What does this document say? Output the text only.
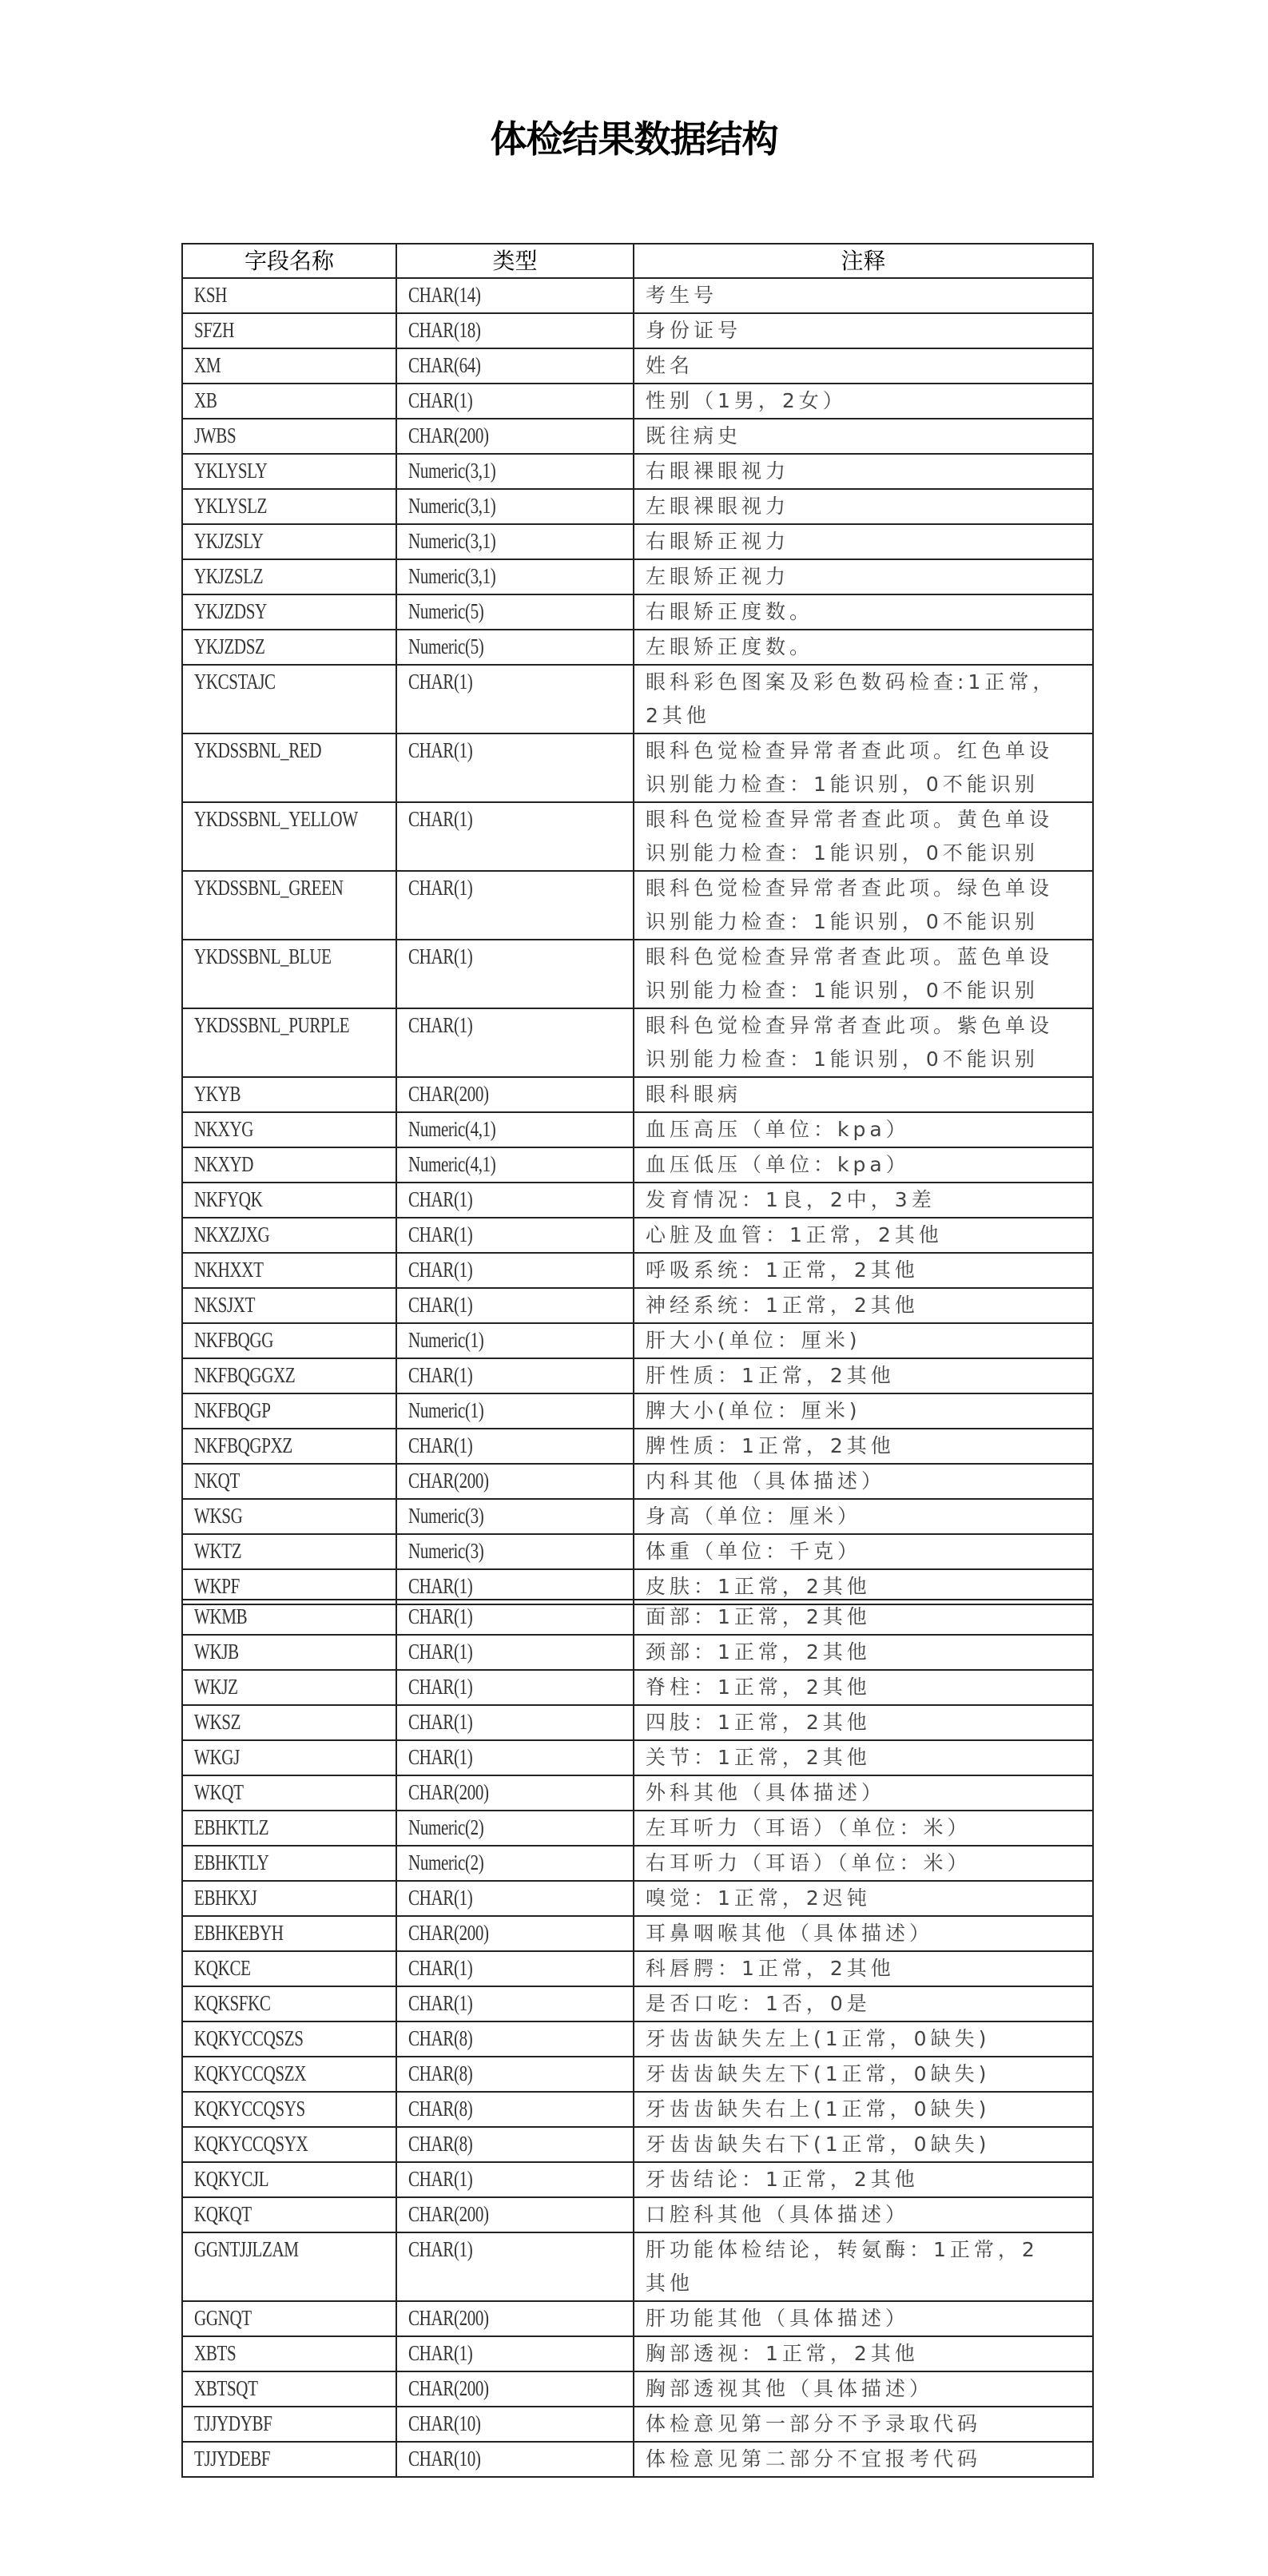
体检结果数据结构
字段名称	类型	注释
KSH	CHAR(14)	考生号

SFZH	CHAR(18)	身份证号

XM	CHAR(64)	姓名

XB	CHAR(1)	性别（1男，2女）

JWBS	CHAR(200)	既往病史

YKLYSLY	Numeric(3,1)	右眼裸眼视力

YKLYSLZ	Numeric(3,1)	左眼裸眼视力

YKJZSLY	Numeric(3,1)	右眼矫正视力

YKJZSLZ	Numeric(3,1)	左眼矫正视力

YKJZDSY	Numeric(5)	右眼矫正度数。

YKJZDSZ	Numeric(5)	左眼矫正度数。

YKCSTAJC	CHAR(1)	眼科彩色图案及彩色数码检查:1正常，
2其他

YKDSSBNL_RED	CHAR(1)	眼科色觉检查异常者查此项。红色单设
识别能力检查：1能识别，0不能识别

YKDSSBNL_YELLOW	CHAR(1)	眼科色觉检查异常者查此项。黄色单设
识别能力检查：1能识别，0不能识别

YKDSSBNL_GREEN	CHAR(1)	眼科色觉检查异常者查此项。绿色单设
识别能力检查：1能识别，0不能识别

YKDSSBNL_BLUE	CHAR(1)	眼科色觉检查异常者查此项。蓝色单设
识别能力检查：1能识别，0不能识别

YKDSSBNL_PURPLE	CHAR(1)	眼科色觉检查异常者查此项。紫色单设
识别能力检查：1能识别，0不能识别

YKYB	CHAR(200)	眼科眼病

NKXYG	Numeric(4,1)	血压高压（单位：kpa）

NKXYD	Numeric(4,1)	血压低压（单位：kpa）

NKFYQK	CHAR(1)	发育情况：1良，2中，3差

NKXZJXG	CHAR(1)	心脏及血管：1正常，2其他

NKHXXT	CHAR(1)	呼吸系统：1正常，2其他

NKSJXT	CHAR(1)	神经系统：1正常，2其他

NKFBQGG	Numeric(1)	肝大小(单位：厘米)

NKFBQGGXZ	CHAR(1)	肝性质：1正常，2其他

NKFBQGP	Numeric(1)	脾大小(单位：厘米)

NKFBQGPXZ	CHAR(1)	脾性质：1正常，2其他

NKQT	CHAR(200)	内科其他（具体描述）

WKSG	Numeric(3)	身高（单位：厘米）

WKTZ	Numeric(3)	体重（单位：千克）

WKPF	CHAR(1)	皮肤：1正常，2其他
WKMB	CHAR(1)	面部：1正常，2其他

WKJB	CHAR(1)	颈部：1正常，2其他

WKJZ	CHAR(1)	脊柱：1正常，2其他

WKSZ	CHAR(1)	四肢：1正常，2其他

WKGJ	CHAR(1)	关节：1正常，2其他

WKQT	CHAR(200)	外科其他（具体描述）

EBHKTLZ	Numeric(2)	左耳听力（耳语）（单位：米）

EBHKTLY	Numeric(2)	右耳听力（耳语）（单位：米）

EBHKXJ	CHAR(1)	嗅觉：1正常，2迟钝

EBHKEBYH	CHAR(200)	耳鼻咽喉其他（具体描述）

KQKCE	CHAR(1)	科唇腭：1正常，2其他

KQKSFKC	CHAR(1)	是否口吃：1否，0是

KQKYCCQSZS	CHAR(8)	牙齿齿缺失左上(1正常，0缺失)

KQKYCCQSZX	CHAR(8)	牙齿齿缺失左下(1正常，0缺失)

KQKYCCQSYS	CHAR(8)	牙齿齿缺失右上(1正常，0缺失)

KQKYCCQSYX	CHAR(8)	牙齿齿缺失右下(1正常，0缺失)

KQKYCJL	CHAR(1)	牙齿结论：1正常，2其他

KQKQT	CHAR(200)	口腔科其他（具体描述）

GGNTJJLZAM	CHAR(1)	肝功能体检结论，转氨酶：1正常，2
其他

GGNQT	CHAR(200)	肝功能其他（具体描述）

XBTS	CHAR(1)	胸部透视：1正常，2其他

XBTSQT	CHAR(200)	胸部透视其他（具体描述）

TJJYDYBF	CHAR(10)	体检意见第一部分不予录取代码

TJJYDEBF	CHAR(10)	体检意见第二部分不宜报考代码
